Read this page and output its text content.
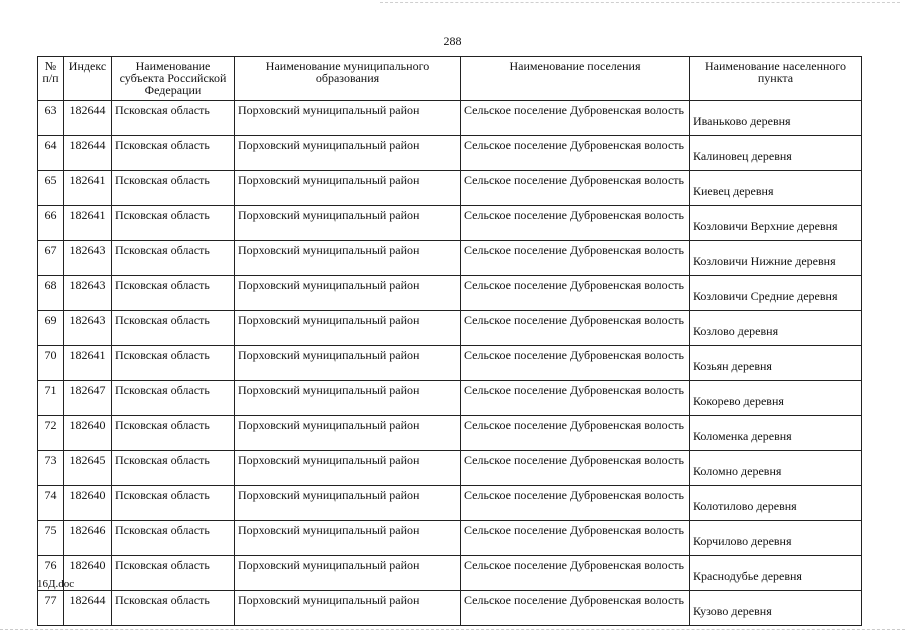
288
№ п/п	Индекс	Наименование субъекта Российской Федерации	Наименование муниципального образования	Наименование поселения	Наименование населенного пункта
63	182644	Псковская область	Порховский муниципальный район	Сельское поселение Дубровенская волость	Иваньково деревня
64	182644	Псковская область	Порховский муниципальный район	Сельское поселение Дубровенская волость	Калиновец деревня
65	182641	Псковская область	Порховский муниципальный район	Сельское поселение Дубровенская волость	Киевец деревня
66	182641	Псковская область	Порховский муниципальный район	Сельское поселение Дубровенская волость	Козловичи Верхние деревня
67	182643	Псковская область	Порховский муниципальный район	Сельское поселение Дубровенская волость	Козловичи Нижние деревня
68	182643	Псковская область	Порховский муниципальный район	Сельское поселение Дубровенская волость	Козловичи Средние деревня
69	182643	Псковская область	Порховский муниципальный район	Сельское поселение Дубровенская волость	Козлово деревня
70	182641	Псковская область	Порховский муниципальный район	Сельское поселение Дубровенская волость	Козьян деревня
71	182647	Псковская область	Порховский муниципальный район	Сельское поселение Дубровенская волость	Кокорево деревня
72	182640	Псковская область	Порховский муниципальный район	Сельское поселение Дубровенская волость	Коломенка деревня
73	182645	Псковская область	Порховский муниципальный район	Сельское поселение Дубровенская волость	Коломно деревня
74	182640	Псковская область	Порховский муниципальный район	Сельское поселение Дубровенская волость	Колотилово деревня
75	182646	Псковская область	Порховский муниципальный район	Сельское поселение Дубровенская волость	Корчилово деревня
76	182640	Псковская область	Порховский муниципальный район	Сельское поселение Дубровенская волость	Краснодубье деревня
77	182644	Псковская область	Порховский муниципальный район	Сельское поселение Дубровенская волость	Кузово деревня
16Д.doc
